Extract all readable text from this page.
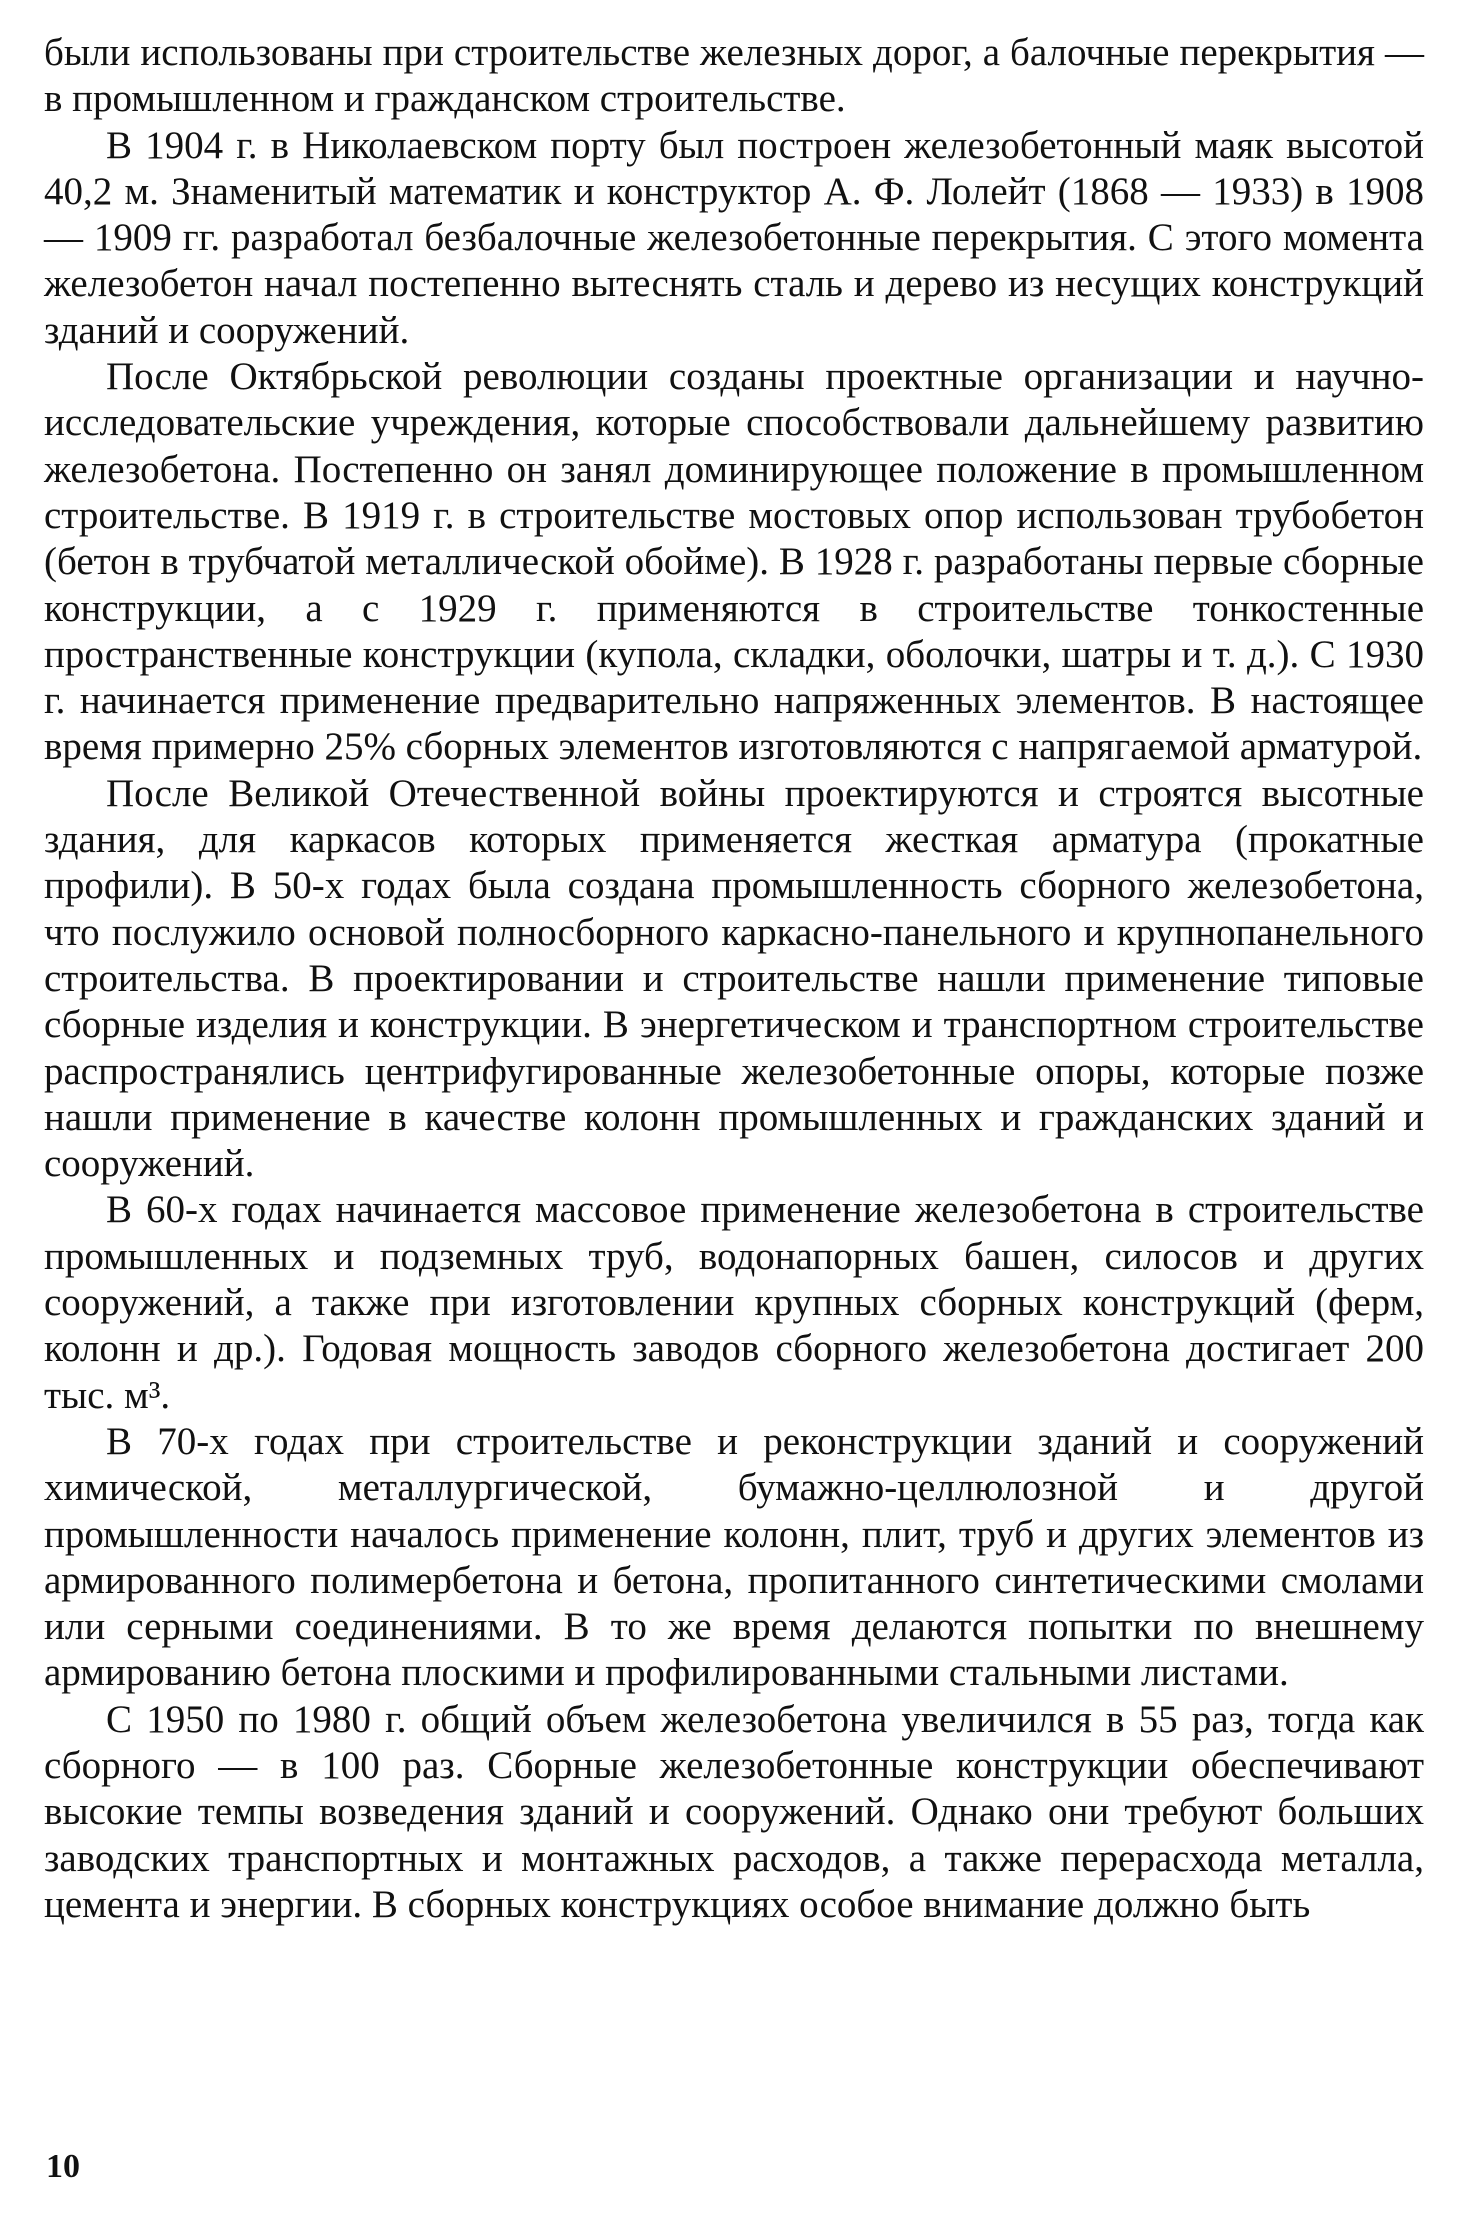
были использованы при строительстве железных дорог, а балочные перекрытия — в промышленном и гражданском строительстве.

В 1904 г. в Николаевском порту был построен железобетонный маяк высотой 40,2 м. Знаменитый математик и конструктор А. Ф. Лолейт (1868 — 1933) в 1908 — 1909 гг. разработал безбалочные железобетонные перекрытия. С этого момента железобетон начал постепенно вытеснять сталь и дерево из несущих конструкций зданий и сооружений.

После Октябрьской революции созданы проектные организации и научно-исследовательские учреждения, которые способствовали дальнейшему развитию железобетона. Постепенно он занял доминирующее положение в промышленном строительстве. В 1919 г. в строительстве мостовых опор использован трубобетон (бетон в трубчатой металлической обойме). В 1928 г. разработаны первые сборные конструкции, а с 1929 г. применяются в строительстве тонкостенные пространственные конструкции (купола, складки, оболочки, шатры и т. д.). С 1930 г. начинается применение предварительно напряженных элементов. В настоящее время примерно 25% сборных элементов изготовляются с напрягаемой арматурой.

После Великой Отечественной войны проектируются и строятся высотные здания, для каркасов которых применяется жесткая арматура (прокатные профили). В 50-х годах была создана промышленность сборного железобетона, что послужило основой полносборного каркасно-панельного и крупнопанельного строительства. В проектировании и строительстве нашли применение типовые сборные изделия и конструкции. В энергетическом и транспортном строительстве распространялись центрифугированные железобетонные опоры, которые позже нашли применение в качестве колонн промышленных и гражданских зданий и сооружений.

В 60-х годах начинается массовое применение железобетона в строительстве промышленных и подземных труб, водонапорных башен, силосов и других сооружений, а также при изготовлении крупных сборных конструкций (ферм, колонн и др.). Годовая мощность заводов сборного железобетона достигает 200 тыс. м³.

В 70-х годах при строительстве и реконструкции зданий и сооружений химической, металлургической, бумажно-целлюлозной и другой промышленности началось применение колонн, плит, труб и других элементов из армированного полимербетона и бетона, пропитанного синтетическими смолами или серными соединениями. В то же время делаются попытки по внешнему армированию бетона плоскими и профилированными стальными листами.

С 1950 по 1980 г. общий объем железобетона увеличился в 55 раз, тогда как сборного — в 100 раз. Сборные железобетонные конструкции обеспечивают высокие темпы возведения зданий и сооружений. Однако они требуют больших заводских транспортных и монтажных расходов, а также перерасхода металла, цемента и энергии. В сборных конструкциях особое внимание должно быть

10
